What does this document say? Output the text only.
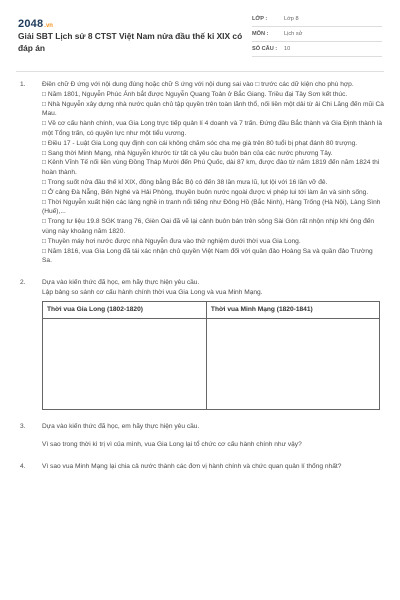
2048.vn
Giải SBT Lịch sử 8 CTST Việt Nam nửa đầu thế kỉ XIX có đáp án
LỚP :	Lớp 8
MÔN :	Lịch sử
SỐ CÂU :	10
1.	Điền chữ Đ ứng với nội dung đúng hoặc chữ S ứng với nội dung sai vào □ trước các dữ kiện cho phù hợp.

□ Năm 1801, Nguyễn Phúc Ánh bắt được Nguyễn Quang Toản ở Bắc Giang. Triều đại Tây Sơn kết thúc.

□ Nhà Nguyễn xây dựng nhà nước quân chủ tập quyền trên toàn lãnh thổ, nối liền một dải từ ải Chi Lăng đến mũi Cà Mau.

□ Về cơ cấu hành chính, vua Gia Long trực tiếp quản lí 4 doanh và 7 trấn. Đứng đầu Bắc thành và Gia Định thành là một Tổng trấn, có quyền lực như một tiểu vương.

□ Điều 17 - Luật Gia Long quy định con cái không chăm sóc cha mẹ già trên 80 tuổi bị phạt đánh 80 trượng.

□ Sang thời Minh Mạng, nhà Nguyễn khước từ tất cả yêu cầu buôn bán của các nước phương Tây.

□ Kênh Vĩnh Tế nối liền vùng Đồng Tháp Mười đến Phú Quốc, dài 87 km, được đào từ năm 1819 đến năm 1824 thì hoàn thành.

□ Trong suốt nửa đầu thế kỉ XIX, đồng bằng Bắc Bộ có đến 38 lần mưa lũ, lụt lội với 16 lần vỡ đê.

□ Ở cảng Đà Nẵng, Bến Nghé và Hải Phòng, thuyền buôn nước ngoài được vi phép lui tới làm ăn và sinh sống.

□ Thời Nguyễn xuất hiện các làng nghề in tranh nổi tiếng như Đông Hồ (Bắc Ninh), Hàng Trống (Hà Nội), Làng Sình (Huế),...

□ Trong tư liệu 19.8 SGK trang 76, Gièn Oai đã vẽ lại cảnh buôn bán trên sông Sài Gòn rất nhộn nhịp khi ông đến vùng này khoảng năm 1820.

□ Thuyền máy hơi nước được nhà Nguyễn đưa vào thử nghiệm dưới thời vua Gia Long.

□ Năm 1816, vua Gia Long đã tái xác nhận chủ quyền Việt Nam đối với quần đảo Hoàng Sa và quần đảo Trường Sa.

2.	Dựa vào kiến thức đã học, em hãy thực hiện yêu cầu.

Lập bảng so sánh cơ cấu hành chính thời vua Gia Long và vua Minh Mạng.

Thời vua Gia Long (1802-1820)	Thời vua Minh Mạng (1820-1841)

3.	Dựa vào kiến thức đã học, em hãy thực hiện yêu cầu.

Vì sao trong thời kì trị vì của mình, vua Gia Long lại tổ chức cơ cấu hành chính như vậy?

4.	Vì sao vua Minh Mạng lại chia cả nước thành các đơn vị hành chính và chức quan quản lí thống nhất?
